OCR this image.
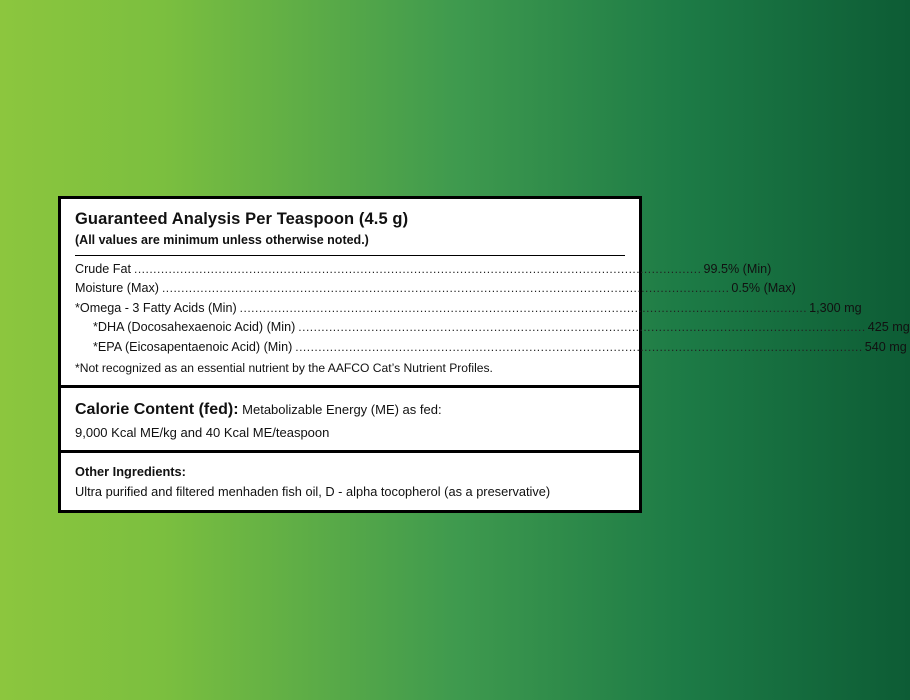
Guaranteed Analysis Per Teaspoon (4.5 g)
(All values are minimum unless otherwise noted.)
Crude Fat .................................................................................................................................................... 99.5% (Min)
Moisture (Max) .................................................................................................................................................... 0.5% (Max)
*Omega - 3 Fatty Acids (Min) .................................................................................................................................................... 1,300 mg
*DHA (Docosahexaenoic Acid) (Min) .................................................................................................................................................... 425 mg
*EPA (Eicosapentaenoic Acid) (Min) .................................................................................................................................................... 540 mg
*Not recognized as an essential nutrient by the AAFCO Cat’s Nutrient Profiles.
Calorie Content (fed): Metabolizable Energy (ME) as fed:
9,000 Kcal ME/kg and 40 Kcal ME/teaspoon
Other Ingredients:
Ultra purified and filtered menhaden fish oil, D - alpha tocopherol (as a preservative)
